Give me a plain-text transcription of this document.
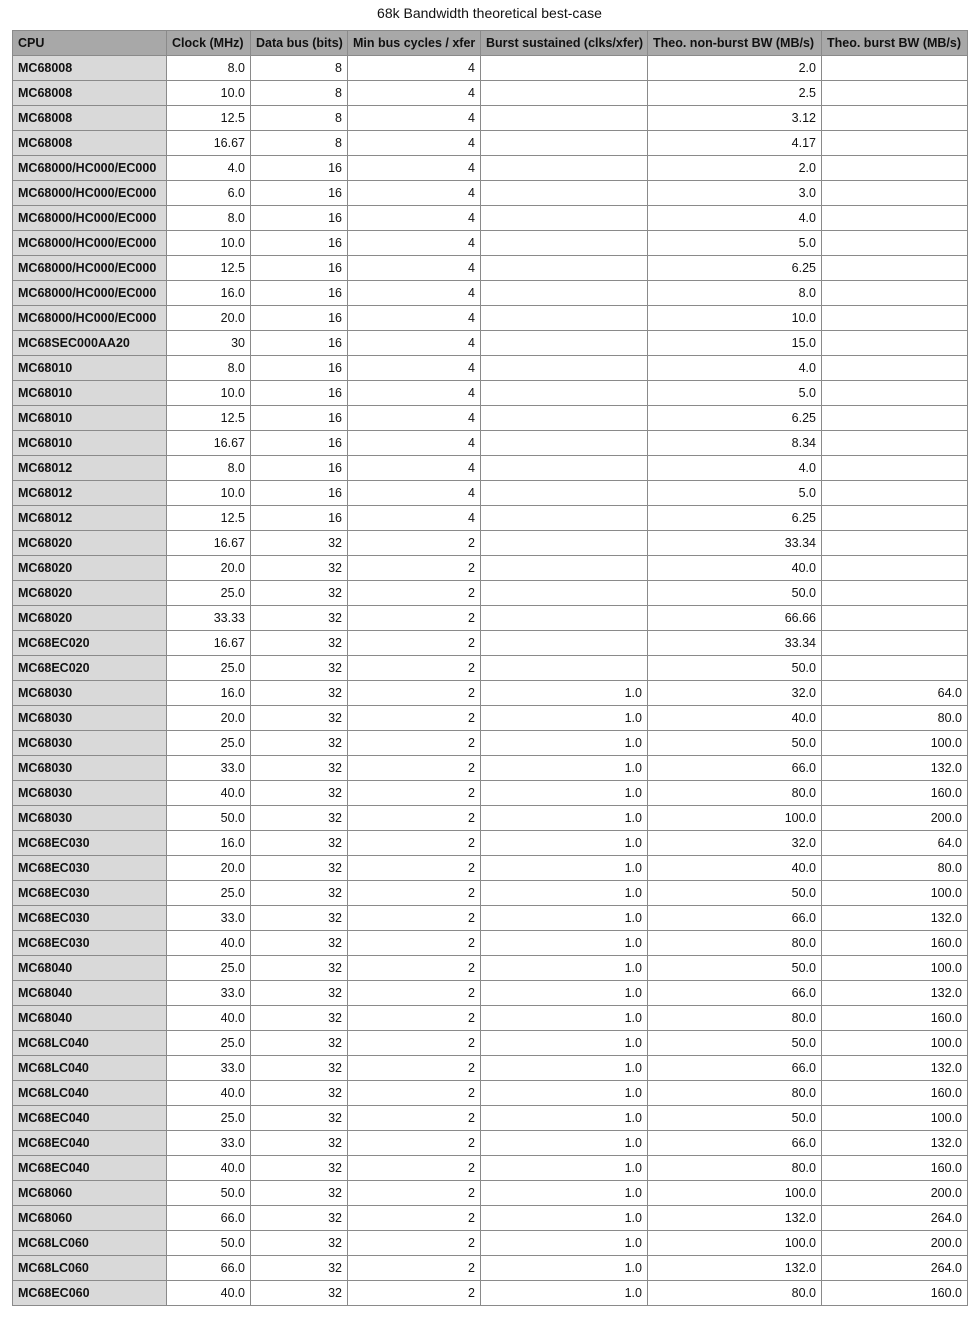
68k Bandwidth theoretical best-case
CPU	Clock (MHz)	Data bus (bits)	Min bus cycles / xfer	Burst sustained (clks/xfer)	Theo. non-burst BW (MB/s)	Theo. burst BW (MB/s)
MC68008	8.0	8	4		2.0	
MC68008	10.0	8	4		2.5	
MC68008	12.5	8	4		3.12	
MC68008	16.67	8	4		4.17	
MC68000/HC000/EC000	4.0	16	4		2.0	
MC68000/HC000/EC000	6.0	16	4		3.0	
MC68000/HC000/EC000	8.0	16	4		4.0	
MC68000/HC000/EC000	10.0	16	4		5.0	
MC68000/HC000/EC000	12.5	16	4		6.25	
MC68000/HC000/EC000	16.0	16	4		8.0	
MC68000/HC000/EC000	20.0	16	4		10.0	
MC68SEC000AA20	30	16	4		15.0	
MC68010	8.0	16	4		4.0	
MC68010	10.0	16	4		5.0	
MC68010	12.5	16	4		6.25	
MC68010	16.67	16	4		8.34	
MC68012	8.0	16	4		4.0	
MC68012	10.0	16	4		5.0	
MC68012	12.5	16	4		6.25	
MC68020	16.67	32	2		33.34	
MC68020	20.0	32	2		40.0	
MC68020	25.0	32	2		50.0	
MC68020	33.33	32	2		66.66	
MC68EC020	16.67	32	2		33.34	
MC68EC020	25.0	32	2		50.0	
MC68030	16.0	32	2	1.0	32.0	64.0
MC68030	20.0	32	2	1.0	40.0	80.0
MC68030	25.0	32	2	1.0	50.0	100.0
MC68030	33.0	32	2	1.0	66.0	132.0
MC68030	40.0	32	2	1.0	80.0	160.0
MC68030	50.0	32	2	1.0	100.0	200.0
MC68EC030	16.0	32	2	1.0	32.0	64.0
MC68EC030	20.0	32	2	1.0	40.0	80.0
MC68EC030	25.0	32	2	1.0	50.0	100.0
MC68EC030	33.0	32	2	1.0	66.0	132.0
MC68EC030	40.0	32	2	1.0	80.0	160.0
MC68040	25.0	32	2	1.0	50.0	100.0
MC68040	33.0	32	2	1.0	66.0	132.0
MC68040	40.0	32	2	1.0	80.0	160.0
MC68LC040	25.0	32	2	1.0	50.0	100.0
MC68LC040	33.0	32	2	1.0	66.0	132.0
MC68LC040	40.0	32	2	1.0	80.0	160.0
MC68EC040	25.0	32	2	1.0	50.0	100.0
MC68EC040	33.0	32	2	1.0	66.0	132.0
MC68EC040	40.0	32	2	1.0	80.0	160.0
MC68060	50.0	32	2	1.0	100.0	200.0
MC68060	66.0	32	2	1.0	132.0	264.0
MC68LC060	50.0	32	2	1.0	100.0	200.0
MC68LC060	66.0	32	2	1.0	132.0	264.0
MC68EC060	40.0	32	2	1.0	80.0	160.0
